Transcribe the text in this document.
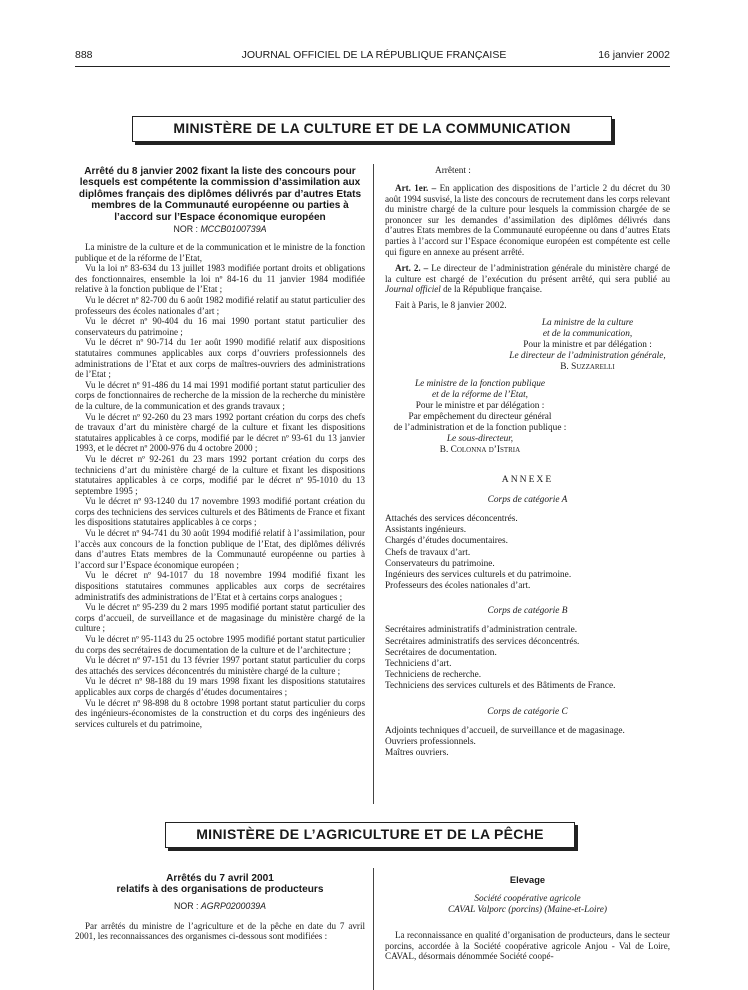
888	JOURNAL OFFICIEL DE LA RÉPUBLIQUE FRANÇAISE	16 janvier 2002
MINISTÈRE DE LA CULTURE ET DE LA COMMUNICATION

Arrêté du 8 janvier 2002 fixant la liste des concours pour lesquels est compétente la commission d’assimilation aux diplômes français des diplômes délivrés par d’autres Etats membres de la Communauté européenne ou parties à l’accord sur l’Espace économique européen

NOR : MCCB0100739A

La ministre de la culture et de la communication et le ministre de la fonction publique et de la réforme de l’Etat,

Vu la loi nº 83-634 du 13 juillet 1983 modifiée portant droits et obligations des fonctionnaires, ensemble la loi nº 84-16 du 11 janvier 1984 modifiée relative à la fonction publique de l’Etat ;

Vu le décret nº 82-700 du 6 août 1982 modifié relatif au statut particulier des professeurs des écoles nationales d’art ;

Vu le décret nº 90-404 du 16 mai 1990 portant statut particulier des conservateurs du patrimoine ;

Vu le décret nº 90-714 du 1er août 1990 modifié relatif aux dispositions statutaires communes applicables aux corps d’ouvriers professionnels des administrations de l’Etat et aux corps de maîtres-ouvriers des administrations de l’Etat ;

Vu le décret nº 91-486 du 14 mai 1991 modifié portant statut particulier des corps de fonctionnaires de recherche de la mission de la recherche du ministère de la culture, de la communication et des grands travaux ;

Vu le décret nº 92-260 du 23 mars 1992 portant création du corps des chefs de travaux d’art du ministère chargé de la culture et fixant les dispositions statutaires applicables à ce corps, modifié par le décret nº 93-61 du 13 janvier 1993, et le décret nº 2000-976 du 4 octobre 2000 ;

Vu le décret nº 92-261 du 23 mars 1992 portant création du corps des techniciens d’art du ministère chargé de la culture et fixant les dispositions statutaires applicables à ce corps, modifié par le décret nº 95-1010 du 13 septembre 1995 ;

Vu le décret nº 93-1240 du 17 novembre 1993 modifié portant création du corps des techniciens des services culturels et des Bâtiments de France et fixant les dispositions statutaires applicables à ce corps ;

Vu le décret nº 94-741 du 30 août 1994 modifié relatif à l’assimilation, pour l’accès aux concours de la fonction publique de l’Etat, des diplômes délivrés dans d’autres Etats membres de la Communauté européenne ou parties à l’accord sur l’Espace économique européen ;

Vu le décret nº 94-1017 du 18 novembre 1994 modifié fixant les dispositions statutaires communes applicables aux corps de secrétaires administratifs des administrations de l’Etat et à certains corps analogues ;

Vu le décret nº 95-239 du 2 mars 1995 modifié portant statut particulier des corps d’accueil, de surveillance et de magasinage du ministère chargé de la culture ;

Vu le décret nº 95-1143 du 25 octobre 1995 modifié portant statut particulier du corps des secrétaires de documentation de la culture et de l’architecture ;

Vu le décret nº 97-151 du 13 février 1997 portant statut particulier du corps des attachés des services déconcentrés du ministère chargé de la culture ;

Vu le décret nº 98-188 du 19 mars 1998 fixant les dispositions statutaires applicables aux corps de chargés d’études documentaires ;

Vu le décret nº 98-898 du 8 octobre 1998 portant statut particulier du corps des ingénieurs-économistes de la construction et du corps des ingénieurs des services culturels et du patrimoine,

Arrêtent :

Art. 1er. – En application des dispositions de l’article 2 du décret du 30 août 1994 susvisé, la liste des concours de recrutement dans les corps relevant du ministre chargé de la culture pour lesquels la commission chargée de se prononcer sur les demandes d’assimilation des diplômes délivrés dans d’autres Etats membres de la Communauté européenne ou dans d’autres Etats parties à l’accord sur l’Espace économique européen est compétente est celle qui figure en annexe au présent arrêté.

Art. 2. – Le directeur de l’administration générale du ministère chargé de la culture est chargé de l’exécution du présent arrêté, qui sera publié au Journal officiel de la République française.

Fait à Paris, le 8 janvier 2002.

La ministre de la culture

et de la communication,

Pour la ministre et par délégation :

Le directeur de l’administration générale,

B. Suzzarelli

Le ministre de la fonction publique

et de la réforme de l’Etat,

Pour le ministre et par délégation :

Par empêchement du directeur général

de l’administration et de la fonction publique :

Le sous-directeur,

B. Colonna d’Istria

ANNEXE

Corps de catégorie A

Attachés des services déconcentrés.

Assistants ingénieurs.

Chargés d’études documentaires.

Chefs de travaux d’art.

Conservateurs du patrimoine.

Ingénieurs des services culturels et du patrimoine.

Professeurs des écoles nationales d’art.

Corps de catégorie B

Secrétaires administratifs d’administration centrale.

Secrétaires administratifs des services déconcentrés.

Secrétaires de documentation.

Techniciens d’art.

Techniciens de recherche.

Techniciens des services culturels et des Bâtiments de France.

Corps de catégorie C

Adjoints techniques d’accueil, de surveillance et de magasinage.

Ouvriers professionnels.

Maîtres ouvriers.

MINISTÈRE DE L’AGRICULTURE ET DE LA PÊCHE

Arrêtés du 7 avril 2001
relatifs à des organisations de producteurs

NOR : AGRP0200039A

Par arrêtés du ministre de l’agriculture et de la pêche en date du 7 avril 2001, les reconnaissances des organismes ci-dessous sont modifiées :

Elevage

Société coopérative agricole

CAVAL Valporc (porcins) (Maine-et-Loire)

La reconnaissance en qualité d’organisation de producteurs, dans le secteur porcins, accordée à la Société coopérative agricole Anjou - Val de Loire, CAVAL, désormais dénommée Société coopé-
